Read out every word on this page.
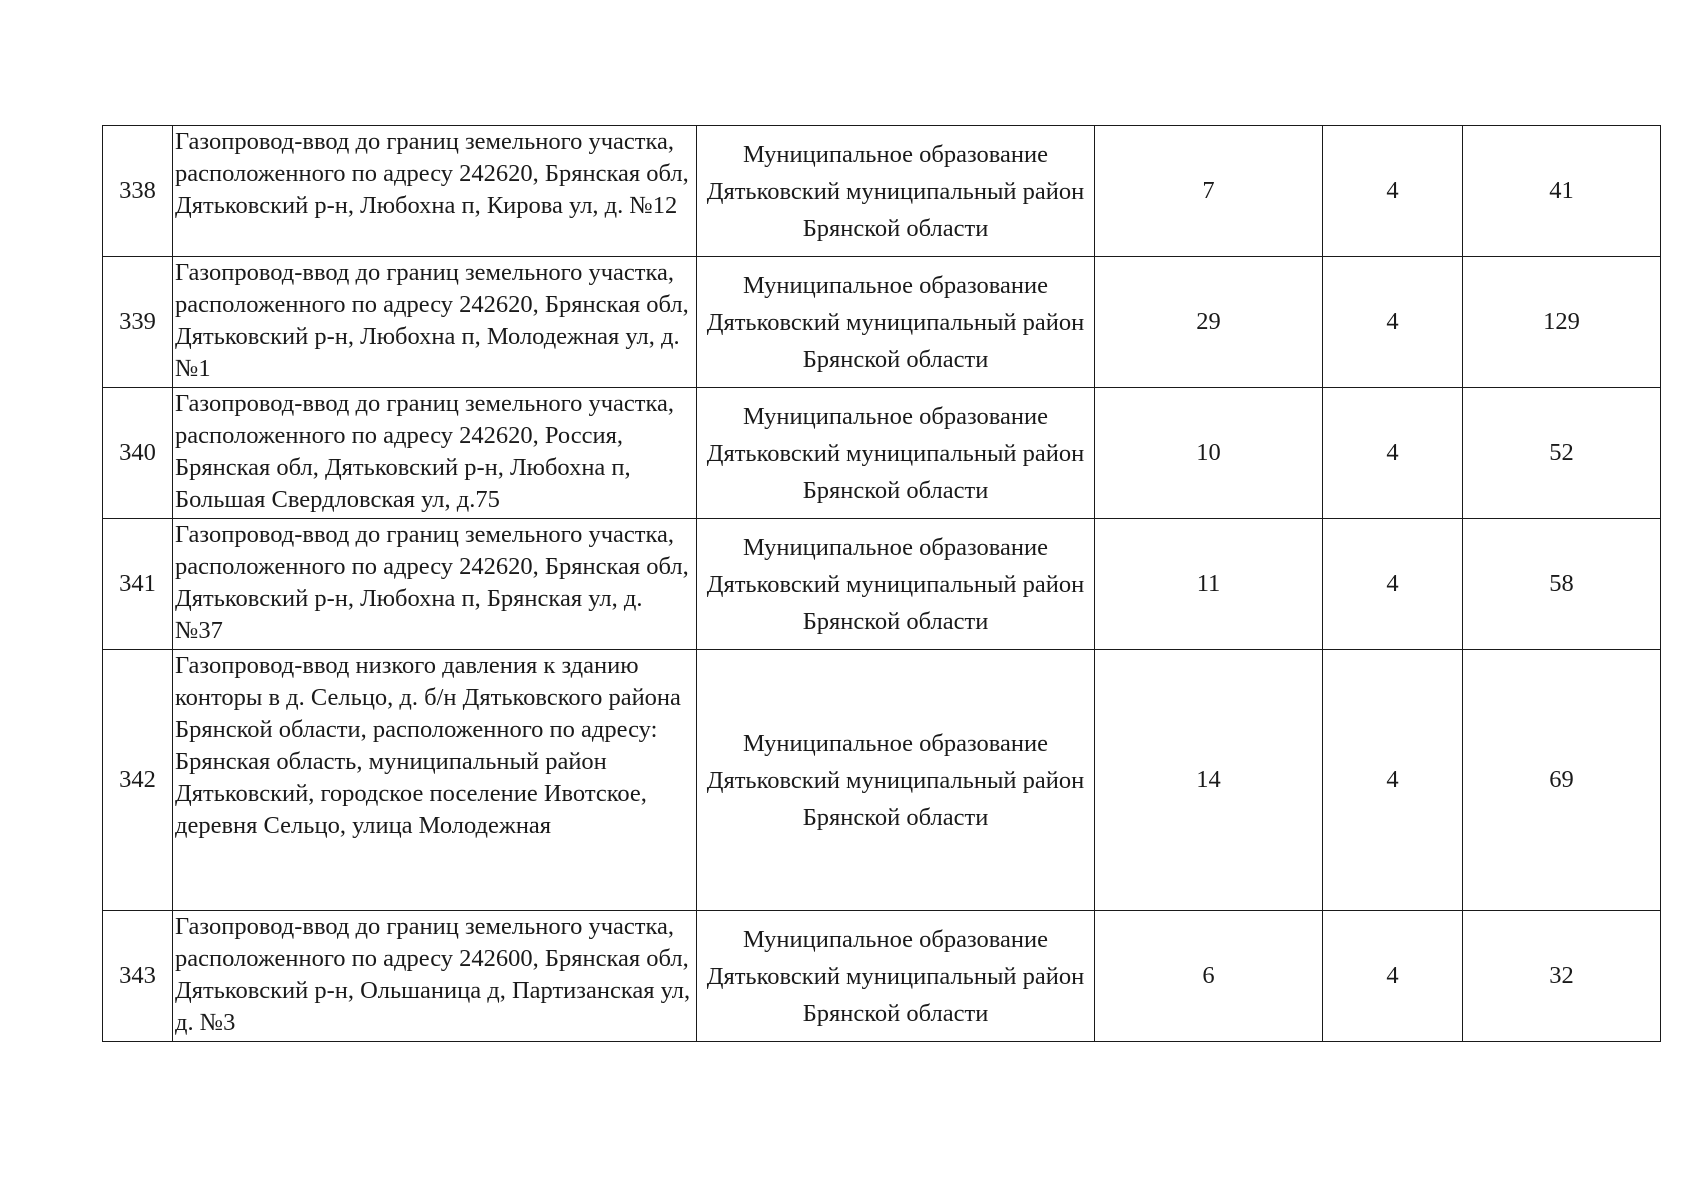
338	Газопровод-ввод до границ земельного участка, расположенного по адресу 242620, Брянская обл, Дятьковский р-н, Любохна п, Кирова ул, д. №12	Муниципальное образование Дятьковский муниципальный район Брянской области	7	4	41
339	Газопровод-ввод до границ земельного участка, расположенного по адресу 242620, Брянская обл, Дятьковский р-н, Любохна п, Молодежная ул, д. №1	Муниципальное образование Дятьковский муниципальный район Брянской области	29	4	129
340	Газопровод-ввод до границ земельного участка, расположенного по адресу 242620, Россия, Брянская обл, Дятьковский р-н, Любохна п, Большая Свердловская ул, д.75	Муниципальное образование Дятьковский муниципальный район Брянской области	10	4	52
341	Газопровод-ввод до границ земельного участка, расположенного по адресу 242620, Брянская обл, Дятьковский р-н, Любохна п, Брянская ул, д. №37	Муниципальное образование Дятьковский муниципальный район Брянской области	11	4	58
342	Газопровод-ввод низкого давления к зданию конторы в д. Сельцо, д. б/н Дятьковского района Брянской области, расположенного по адресу: Брянская область, муниципальный район Дятьковский, городское поселение Ивотское, деревня Сельцо, улица Молодежная	Муниципальное образование Дятьковский муниципальный район Брянской области	14	4	69
343	Газопровод-ввод до границ земельного участка, расположенного по адресу 242600, Брянская обл, Дятьковский р-н, Ольшаница д, Партизанская ул, д. №3	Муниципальное образование Дятьковский муниципальный район Брянской области	6	4	32
